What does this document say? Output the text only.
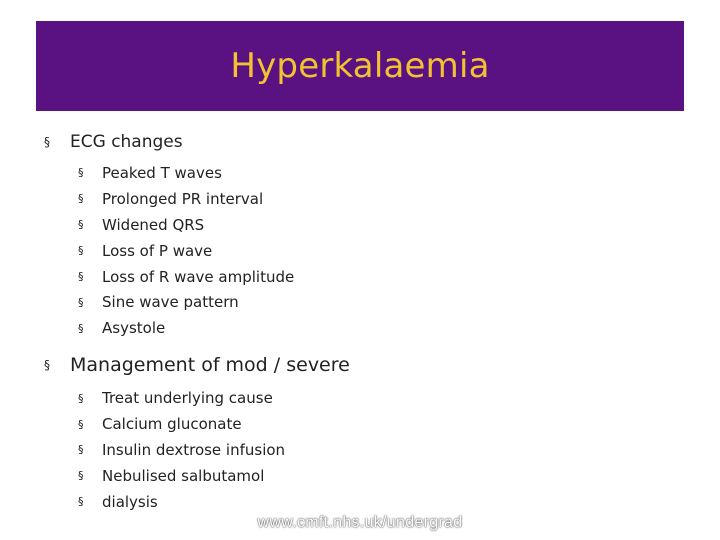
Hyperkalaemia
§	ECG changes
§	Peaked T waves
§	Prolonged PR interval
§	Widened QRS
§	Loss of P wave
§	Loss of R wave amplitude
§	Sine wave pattern
§	Asystole
§	Management of mod / severe
§	Treat underlying cause
§	Calcium gluconate
§	Insulin dextrose infusion
§	Nebulised salbutamol
§	dialysis
www.cmft.nhs.uk/undergrad
